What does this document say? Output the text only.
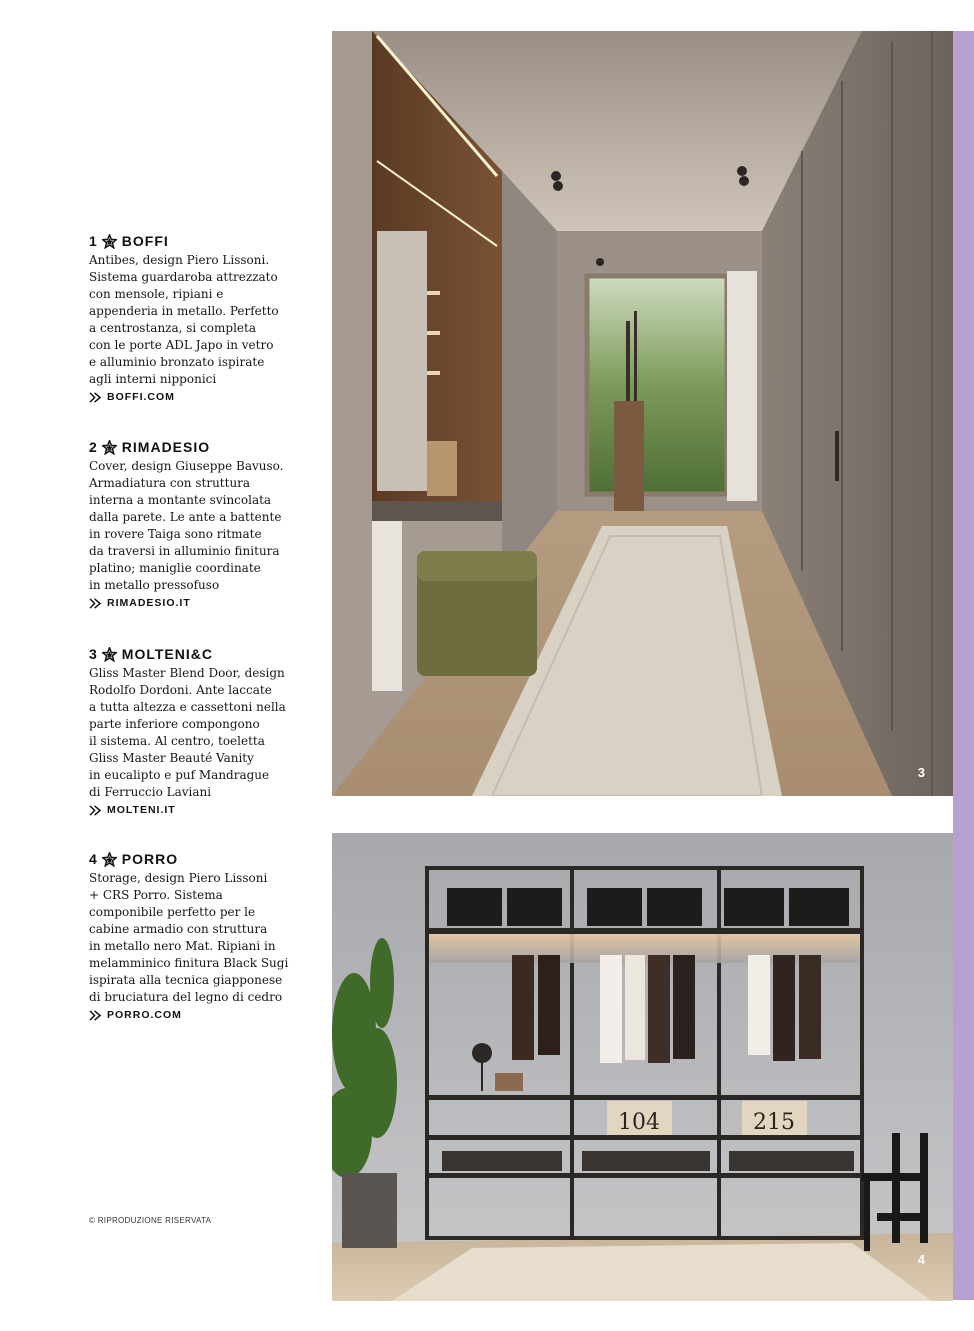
1 BOFFI
Antibes, design Piero Lissoni.
Sistema guardaroba attrezzato
con mensole, ripiani e
appenderia in metallo. Perfetto
a centrostanza, si completa
con le porte ADL Japo in vetro
e alluminio bronzato ispirate
agli interni nipponici
BOFFI.COM
2 RIMADESIO
Cover, design Giuseppe Bavuso.
Armadiatura con struttura
interna a montante svincolata
dalla parete. Le ante a battente
in rovere Taiga sono ritmate
da traversi in alluminio finitura
platino; maniglie coordinate
in metallo pressofuso
RIMADESIO.IT
3 MOLTENI&C
Gliss Master Blend Door, design
Rodolfo Dordoni. Ante laccate
a tutta altezza e cassettoni nella
parte inferiore compongono
il sistema. Al centro, toeletta
Gliss Master Beauté Vanity
in eucalipto e puf Mandrague
di Ferruccio Laviani
MOLTENI.IT
4 PORRO
Storage, design Piero Lissoni
+ CRS Porro. Sistema
componibile perfetto per le
cabine armadio con struttura
in metallo nero Mat. Ripiani in
melamminico finitura Black Sugi
ispirata alla tecnica giapponese
di bruciatura del legno di cedro
PORRO.COM
© RIPRODUZIONE RISERVATA
3
104	215
4
